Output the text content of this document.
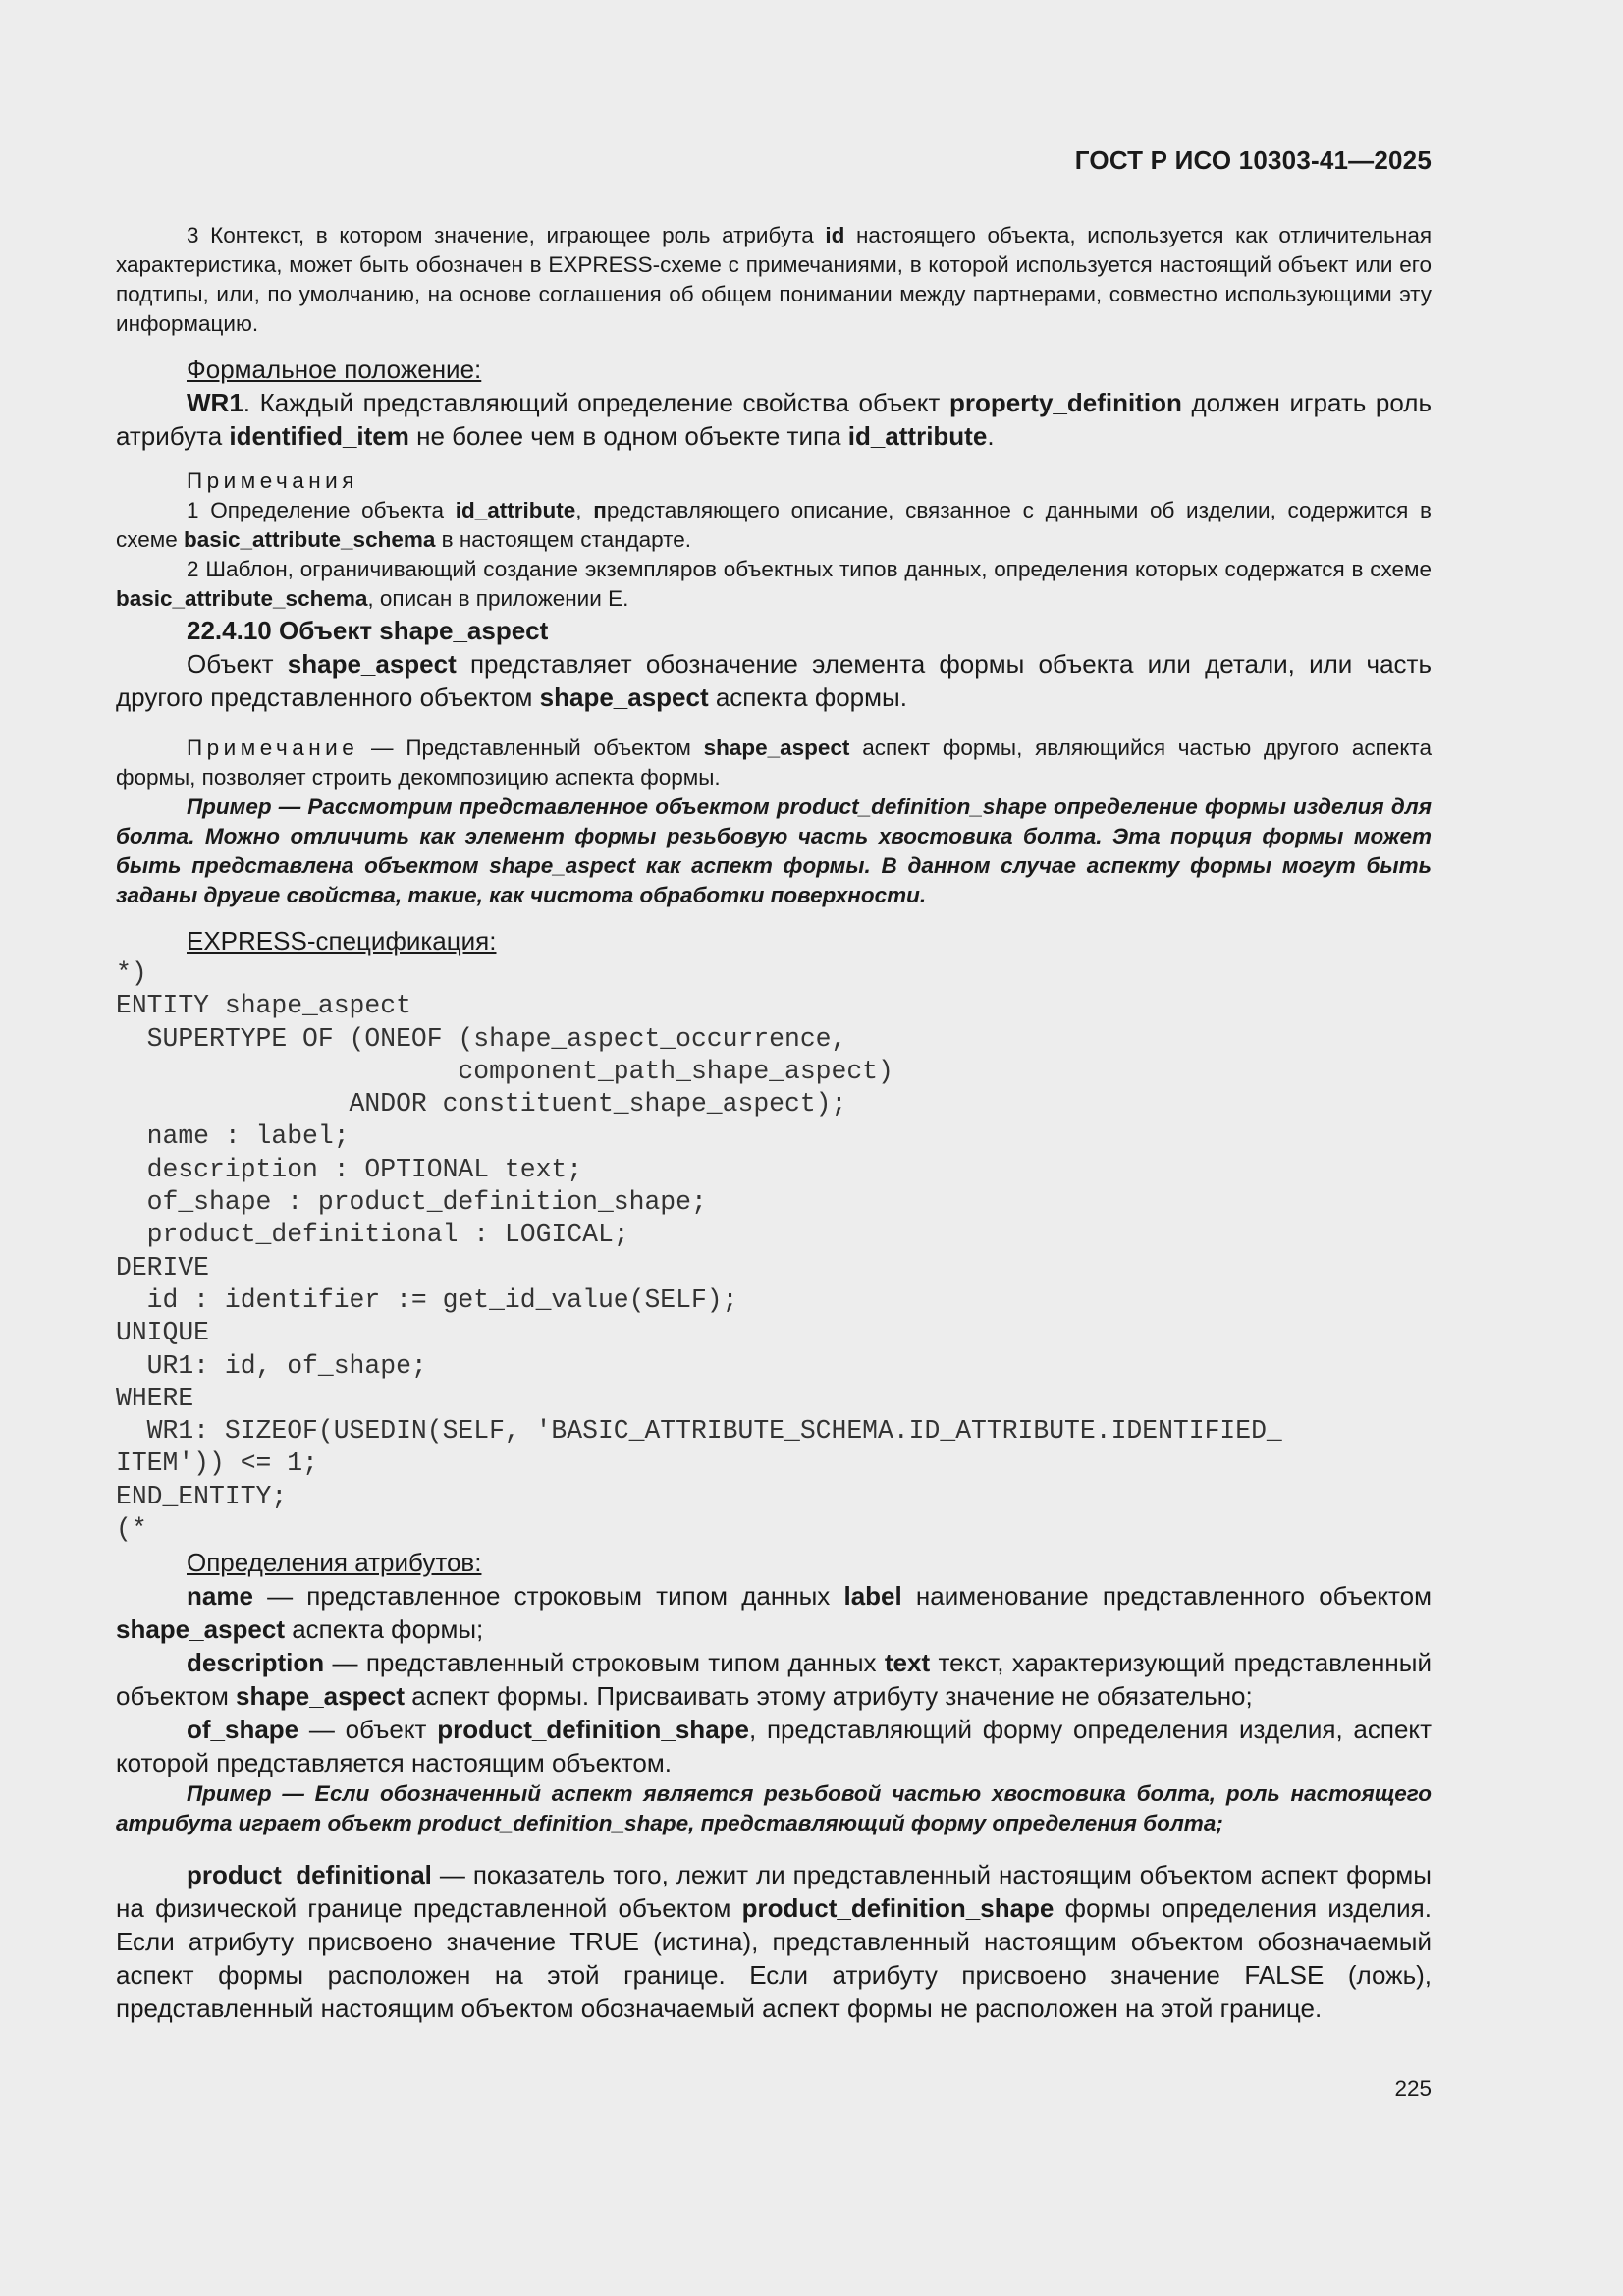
ГОСТ Р ИСО 10303-41—2025

3 Контекст, в котором значение, играющее роль атрибута id настоящего объекта, используется как отличительная характеристика, может быть обозначен в EXPRESS-схеме с примечаниями, в которой используется настоящий объект или его подтипы, или, по умолчанию, на основе соглашения об общем понимании между партнерами, совместно использующими эту информацию.

Формальное положение:

WR1. Каждый представляющий определение свойства объект property_definition должен играть роль атрибута identified_item не более чем в одном объекте типа id_attribute.

Примечания

1 Определение объекта id_attribute, представляющего описание, связанное с данными об изделии, содержится в схеме basic_attribute_schema в настоящем стандарте.

2 Шаблон, ограничивающий создание экземпляров объектных типов данных, определения которых содержатся в схеме basic_attribute_schema, описан в приложении Е.

22.4.10 Объект shape_aspect

Объект shape_aspect представляет обозначение элемента формы объекта или детали, или часть другого представленного объектом shape_aspect аспекта формы.

Примечание — Представленный объектом shape_aspect аспект формы, являющийся частью другого аспекта формы, позволяет строить декомпозицию аспекта формы.

Пример — Рассмотрим представленное объектом product_definition_shape определение формы изделия для болта. Можно отличить как элемент формы резьбовую часть хвостовика болта. Эта порция формы может быть представлена объектом shape_aspect как аспект формы. В данном случае аспекту формы могут быть заданы другие свойства, такие, как чистота обработки поверхности.

EXPRESS-спецификация:

*)
ENTITY shape_aspect
SUPERTYPE OF (ONEOF (shape_aspect_occurrence,
component_path_shape_aspect)
ANDOR constituent_shape_aspect);
name : label;
description : OPTIONAL text;
of_shape : product_definition_shape;
product_definitional : LOGICAL;
DERIVE
id : identifier := get_id_value(SELF);
UNIQUE
UR1: id, of_shape;
WHERE
WR1: SIZEOF(USEDIN(SELF, 'BASIC_ATTRIBUTE_SCHEMA.ID_ATTRIBUTE.IDENTIFIED_
ITEM')) <= 1;
END_ENTITY;
(*

Определения атрибутов:

name — представленное строковым типом данных label наименование представленного объектом shape_aspect аспекта формы;

description — представленный строковым типом данных text текст, характеризующий представленный объектом shape_aspect аспект формы. Присваивать этому атрибуту значение не обязательно;

of_shape — объект product_definition_shape, представляющий форму определения изделия, аспект которой представляется настоящим объектом.

Пример — Если обозначенный аспект является резьбовой частью хвостовика болта, роль настоящего атрибута играет объект product_definition_shape, представляющий форму определения болта;

product_definitional — показатель того, лежит ли представленный настоящим объектом аспект формы на физической границе представленной объектом product_definition_shape формы определения изделия. Если атрибуту присвоено значение TRUE (истина), представленный настоящим объектом обозначаемый аспект формы расположен на этой границе. Если атрибуту присвоено значение FALSE (ложь), представленный настоящим объектом обозначаемый аспект формы не расположен на этой границе.

225
